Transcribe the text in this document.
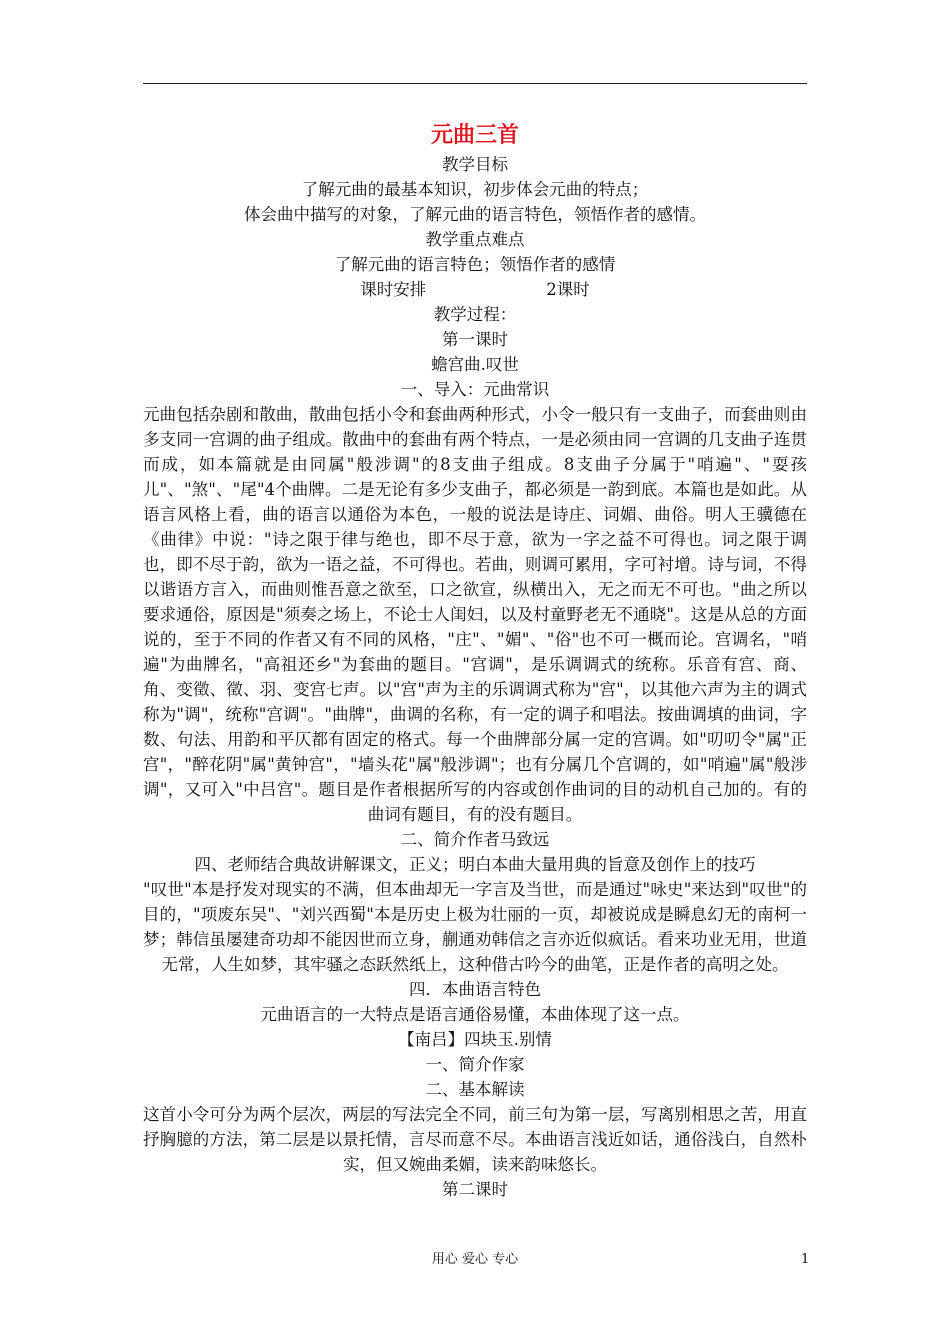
元曲三首

教学目标

了解元曲的最基本知识，初步体会元曲的特点；

体会曲中描写的对象，了解元曲的语言特色，领悟作者的感情。

教学重点难点

了解元曲的语言特色；领悟作者的感情

课时安排	2课时

教学过程：

第一课时

蟾宫曲.叹世

一、导入：元曲常识

元曲包括杂剧和散曲，散曲包括小令和套曲两种形式，小令一般只有一支曲子，而套曲则由多支同一宫调的曲子组成。散曲中的套曲有两个特点，一是必须由同一宫调的几支曲子连贯而成，如本篇就是由同属"般涉调"的8支曲子组成。8支曲子分属于"哨遍"、"耍孩儿"、"煞"、"尾"4个曲牌。二是无论有多少支曲子，都必须是一韵到底。本篇也是如此。从语言风格上看，曲的语言以通俗为本色，一般的说法是诗庄、词媚、曲俗。明人王骥德在《曲律》中说："诗之限于律与绝也，即不尽于意，欲为一字之益不可得也。词之限于调也，即不尽于韵，欲为一语之益，不可得也。若曲，则调可累用，字可衬增。诗与词，不得以谐语方言入，而曲则惟吾意之欲至，口之欲宣，纵横出入，无之而无不可也。"曲之所以要求通俗，原因是"须奏之场上，不论士人闺妇，以及村童野老无不通晓"。这是从总的方面说的，至于不同的作者又有不同的风格，"庄"、"媚"、"俗"也不可一概而论。宫调名，"哨遍"为曲牌名，"高祖还乡"为套曲的题目。"宫调"，是乐调调式的统称。乐音有宫、商、角、变徵、徵、羽、变宫七声。以"宫"声为主的乐调调式称为"宫"，以其他六声为主的调式称为"调"，统称"宫调"。"曲牌"，曲调的名称，有一定的调子和唱法。按曲调填的曲词，字数、句法、用韵和平仄都有固定的格式。每一个曲牌部分属一定的宫调。如"叨叨令"属"正宫"，"醉花阴"属"黄钟宫"，"墙头花"属"般涉调"；也有分属几个宫调的，如"哨遍"属"般涉调"，又可入"中吕宫"。题目是作者根据所写的内容或创作曲词的目的动机自己加的。有的曲词有题目，有的没有题目。

二、简介作者马致远

四、老师结合典故讲解课文，正义；明白本曲大量用典的旨意及创作上的技巧

"叹世"本是抒发对现实的不满，但本曲却无一字言及当世，而是通过"咏史"来达到"叹世"的目的，"项废东吴"、"刘兴西蜀"本是历史上极为壮丽的一页，却被说成是瞬息幻无的南柯一梦；韩信虽屡建奇功却不能因世而立身，蒯通劝韩信之言亦近似疯话。看来功业无用，世道无常，人生如梦，其牢骚之态跃然纸上，这种借古吟今的曲笔，正是作者的高明之处。

四．本曲语言特色

元曲语言的一大特点是语言通俗易懂，本曲体现了这一点。

【南吕】四块玉.别情

一、简介作家

二、基本解读

这首小令可分为两个层次，两层的写法完全不同，前三句为第一层，写离别相思之苦，用直抒胸臆的方法，第二层是以景托情，言尽而意不尽。本曲语言浅近如话，通俗浅白，自然朴实，但又婉曲柔媚，读来韵味悠长。

第二课时

用心 爱心 专心	1
